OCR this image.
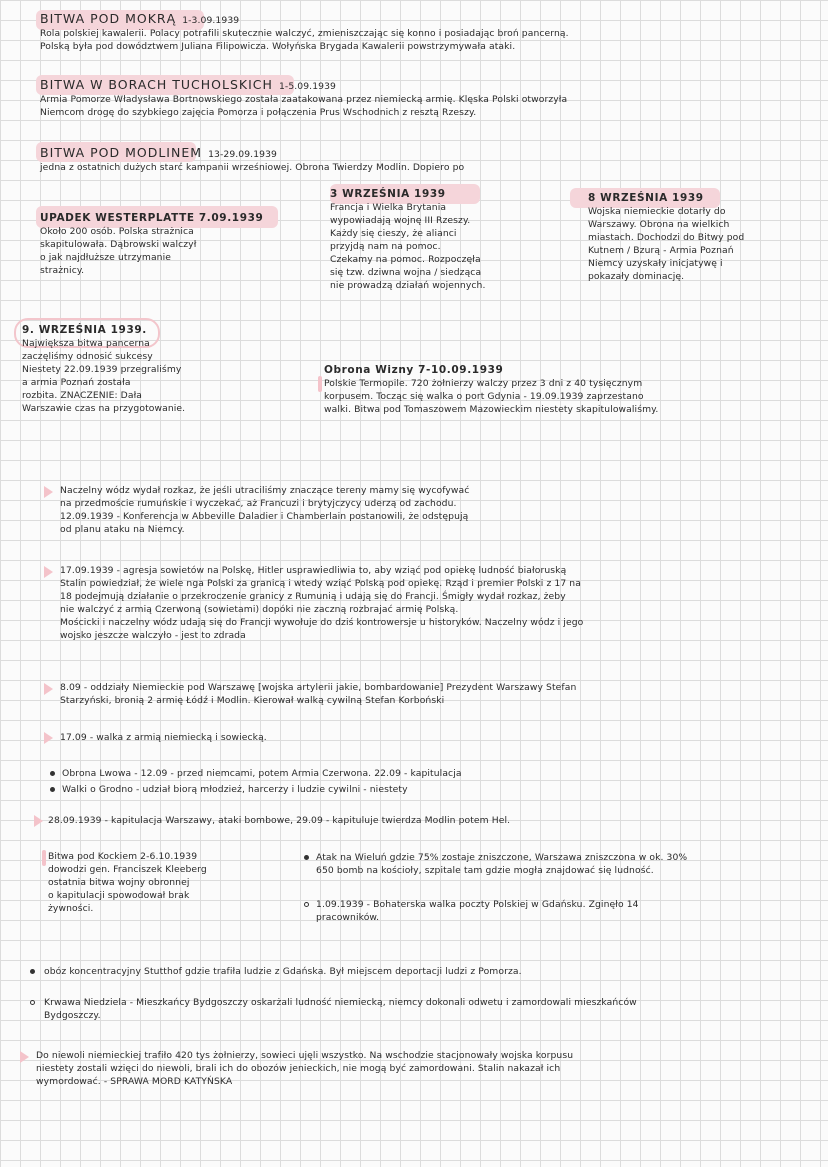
BITWA POD MOKRĄ 1-3.09.1939
Rola polskiej kawalerii. Polacy potrafili skutecznie walczyć, zmieniszczając się konno i posiadając broń pancerną.
Polską była pod dowództwem Juliana Filipowicza. Wołyńska Brygada Kawalerii powstrzymywała ataki.
BITWA W BORACH TUCHOLSKICH 1-5.09.1939
Armia Pomorze Władysława Bortnowskiego została zaatakowana przez niemiecką armię. Klęska Polski otworzyła
Niemcom drogę do szybkiego zajęcia Pomorza i połączenia Prus Wschodnich z resztą Rzeszy.
BITWA POD MODLINEM 13-29.09.1939
jedna z ostatnich dużych starć kampanii wrześniowej. Obrona Twierdzy Modlin. Dopiero po
UPADEK WESTERPLATTE 7.09.1939
Około 200 osób. Polska strażnica
skapitulowała. Dąbrowski walczył
o jak najdłuższe utrzymanie
strażnicy.
3 WRZEŚNIA 1939
Francja i Wielka Brytania
wypowiadają wojnę III Rzeszy.
Każdy się cieszy, że alianci
przyjdą nam na pomoc.
Czekamy na pomoc. Rozpoczęła
się tzw. dziwna wojna / siedząca
nie prowadzą działań wojennych.
8 WRZEŚNIA 1939
Wojska niemieckie dotarły do
Warszawy. Obrona na wielkich
miastach. Dochodzi do Bitwy pod
Kutnem / Bzurą - Armia Poznań
Niemcy uzyskały inicjatywę i
pokazały dominację.
9. WRZEŚNIA 1939.
Największa bitwa pancerna
zaczęliśmy odnosić sukcesy
Niestety 22.09.1939 przegraliśmy
a armia Poznań została
rozbita. ZNACZENIE: Dała
Warszawie czas na przygotowanie.
Obrona Wizny 7-10.09.1939
Polskie Termopile. 720 żołnierzy walczy przez 3 dni z 40 tysięcznym
korpusem. Tocząc się walka o port Gdynia - 19.09.1939 zaprzestano
walki. Bitwa pod Tomaszowem Mazowieckim niestety skapitulowaliśmy.
Naczelny wódz wydał rozkaz, że jeśli utraciliśmy znaczące tereny mamy się wycofywać
na przedmoście rumuńskie i wyczekać, aż Francuzi i brytyjczycy uderzą od zachodu.
12.09.1939 - Konferencja w Abbeville Daladier i Chamberlain postanowili, że odstępują
od planu ataku na Niemcy.
17.09.1939 - agresja sowietów na Polskę, Hitler usprawiedliwia to, aby wziąć pod opiekę ludność białoruską
Stalin powiedział, że wiele nga Polski za granicą i wtedy wziąć Polską pod opiekę. Rząd i premier Polski z 17 na
18 podejmują działanie o przekroczenie granicy z Rumunią i udają się do Francji. Śmigły wydał rozkaz, żeby
nie walczyć z armią Czerwoną (sowietami) dopóki nie zaczną rozbrajać armię Polską.
Mościcki i naczelny wódz udają się do Francji wywołuje do dziś kontrowersje u historyków. Naczelny wódz i jego
wojsko jeszcze walczyło - jest to zdrada
8.09 - oddziały Niemieckie pod Warszawę [wojska artylerii jakie, bombardowanie] Prezydent Warszawy Stefan
Starzyński, bronią 2 armię Łódź i Modlin. Kierował walką cywilną Stefan Korboński
17.09 - walka z armią niemiecką i sowiecką.
Obrona Lwowa - 12.09 - przed niemcami, potem Armia Czerwona. 22.09 - kapitulacja
Walki o Grodno - udział biorą młodzież, harcerzy i ludzie cywilni - niestety
28.09.1939 - kapitulacja Warszawy, ataki bombowe, 29.09 - kapituluje twierdza Modlin potem Hel.
Bitwa pod Kockiem 2-6.10.1939
dowodzi gen. Franciszek Kleeberg
ostatnia bitwa wojny obronnej
o kapitulacji spowodował brak
żywności.
Atak na Wieluń gdzie 75% zostaje zniszczone, Warszawa zniszczona w ok. 30%
650 bomb na kościoły, szpitale tam gdzie mogła znajdować się ludność.
1.09.1939 - Bohaterska walka poczty Polskiej w Gdańsku. Zginęło 14
pracowników.
obóz koncentracyjny Stutthof gdzie trafiła ludzie z Gdańska. Był miejscem deportacji ludzi z Pomorza.
Krwawa Niedziela - Mieszkańcy Bydgoszczy oskarżali ludność niemiecką, niemcy dokonali odwetu i zamordowali mieszkańców
Bydgoszczy.
Do niewoli niemieckiej trafiło 420 tys żołnierzy, sowieci ujęli wszystko. Na wschodzie stacjonowały wojska korpusu
niestety zostali wzięci do niewoli, brali ich do obozów jenieckich, nie mogą być zamordowani. Stalin nakazał ich
wymordować. - SPRAWA MORD KATYŃSKA
